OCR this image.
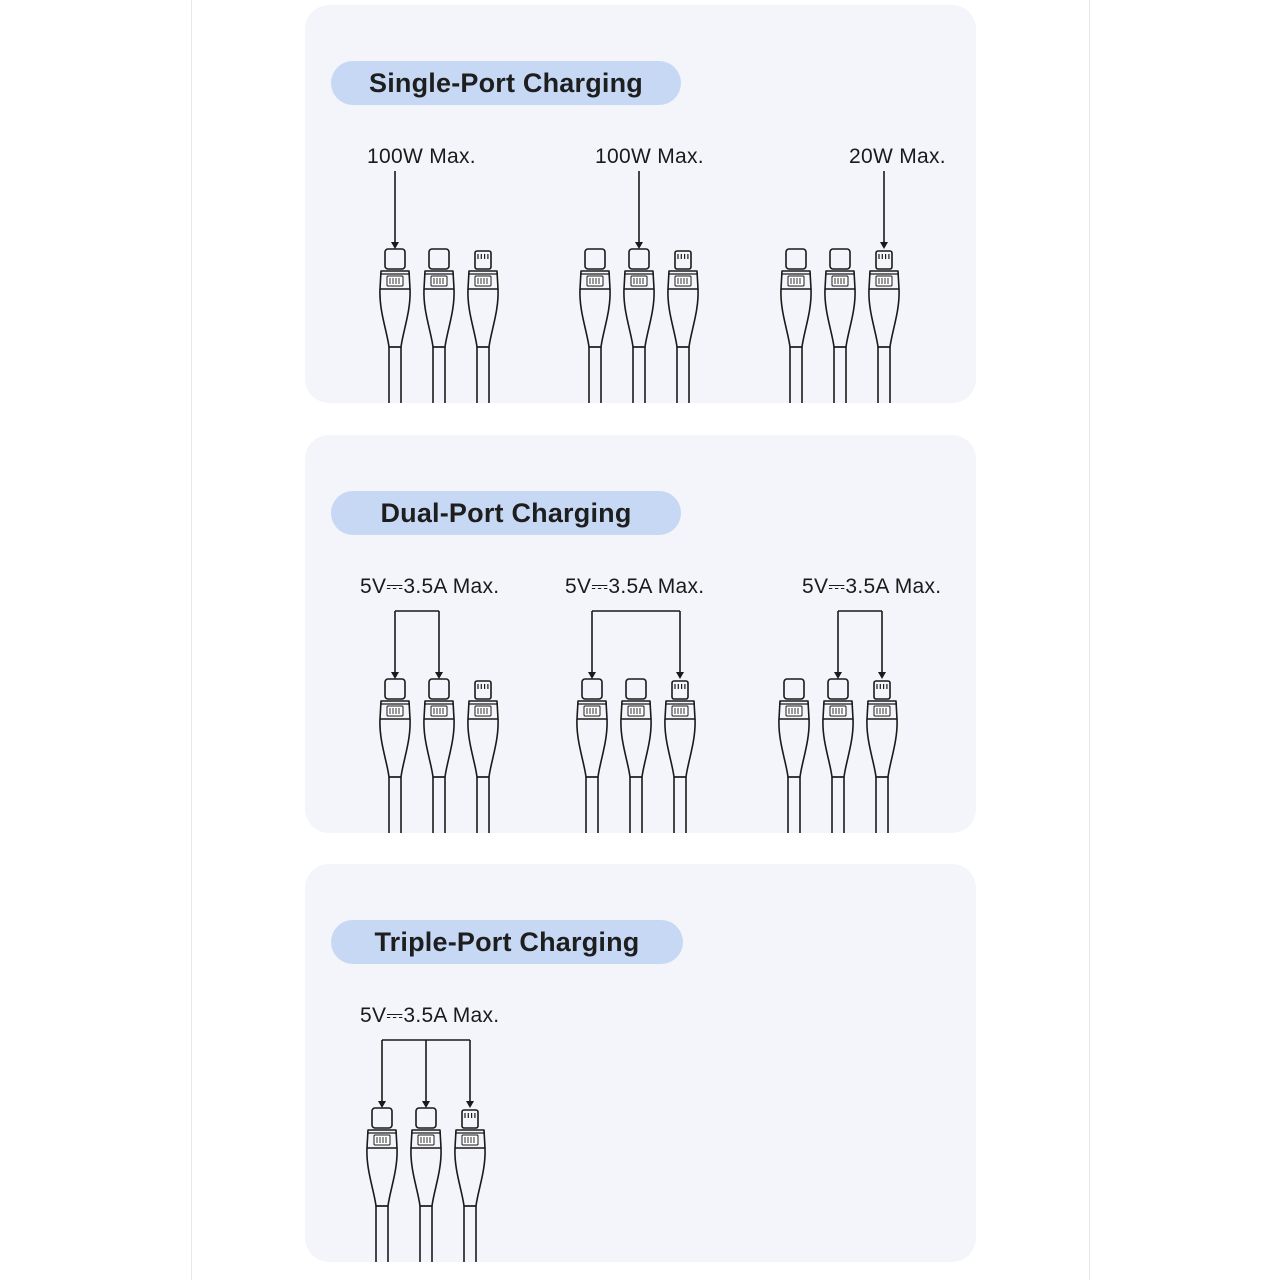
Single-Port Charging
100W Max.	100W Max.	20W Max.
Dual-Port Charging
5V⎓3.5A Max.	5V⎓3.5A Max.	5V⎓3.5A Max.
Triple-Port Charging
5V⎓3.5A Max.
